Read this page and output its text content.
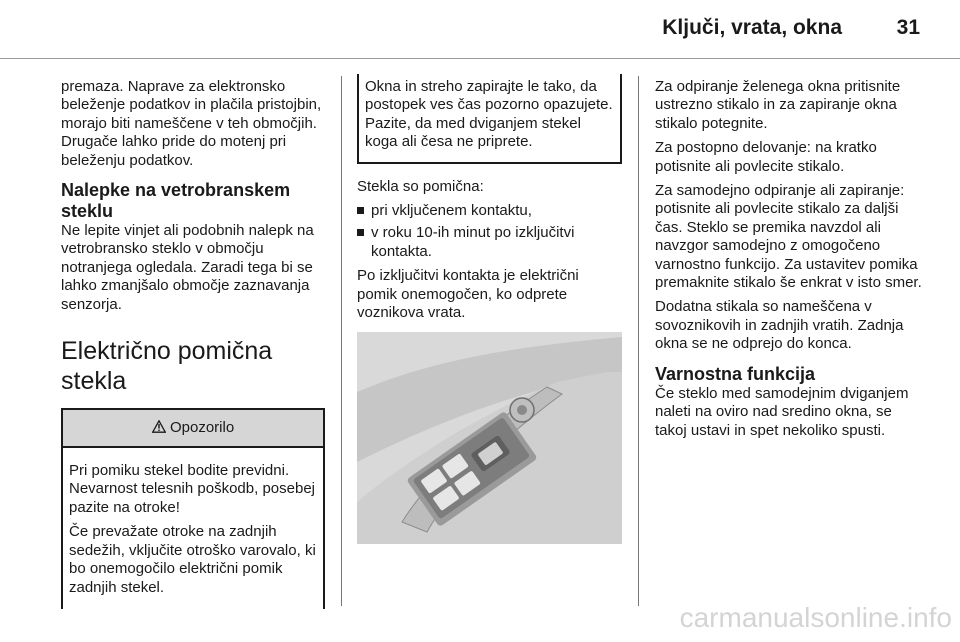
Ključi, vrata, okna	31

premaza. Naprave za elektronsko beleženje podatkov in plačila pristojbin, morajo biti nameščene v teh območjih. Drugače lahko pride do motenj pri beleženju podatkov.

Nalepke na vetrobranskem steklu

Ne lepite vinjet ali podobnih nalepk na vetrobransko steklo v območju notranjega ogledala. Zaradi tega bi se lahko zmanjšalo območje zaznavanja senzorja.

Električno pomična stekla
Opozorilo

Pri pomiku stekel bodite previdni. Nevarnost telesnih poškodb, posebej pazite na otroke!

Če prevažate otroke na zadnjih sedežih, vključite otroško varovalo, ki bo onemogočilo električni pomik zadnjih stekel.

Okna in streho zapirajte le tako, da postopek ves čas pozorno opazujete. Pazite, da med dviganjem stekel koga ali česa ne priprete.

Stekla so pomična:

pri vključenem kontaktu,
v roku 10-ih minut po izključitvi kontakta.

Po izključitvi kontakta je električni pomik onemogočen, ko odprete voznikova vrata.

Za odpiranje želenega okna pritisnite ustrezno stikalo in za zapiranje okna stikalo potegnite.

Za postopno delovanje: na kratko potisnite ali povlecite stikalo.

Za samodejno odpiranje ali zapiranje: potisnite ali povlecite stikalo za daljši čas. Steklo se premika navzdol ali navzgor samodejno z omogočeno varnostno funkcijo. Za ustavitev pomika premaknite stikalo še enkrat v isto smer.

Dodatna stikala so nameščena v sovoznikovih in zadnjih vratih. Zadnja okna se ne odprejo do konca.

Varnostna funkcija

Če steklo med samodejnim dviganjem naleti na oviro nad sredino okna, se takoj ustavi in spet nekoliko spusti.

carmanualsonline.info
